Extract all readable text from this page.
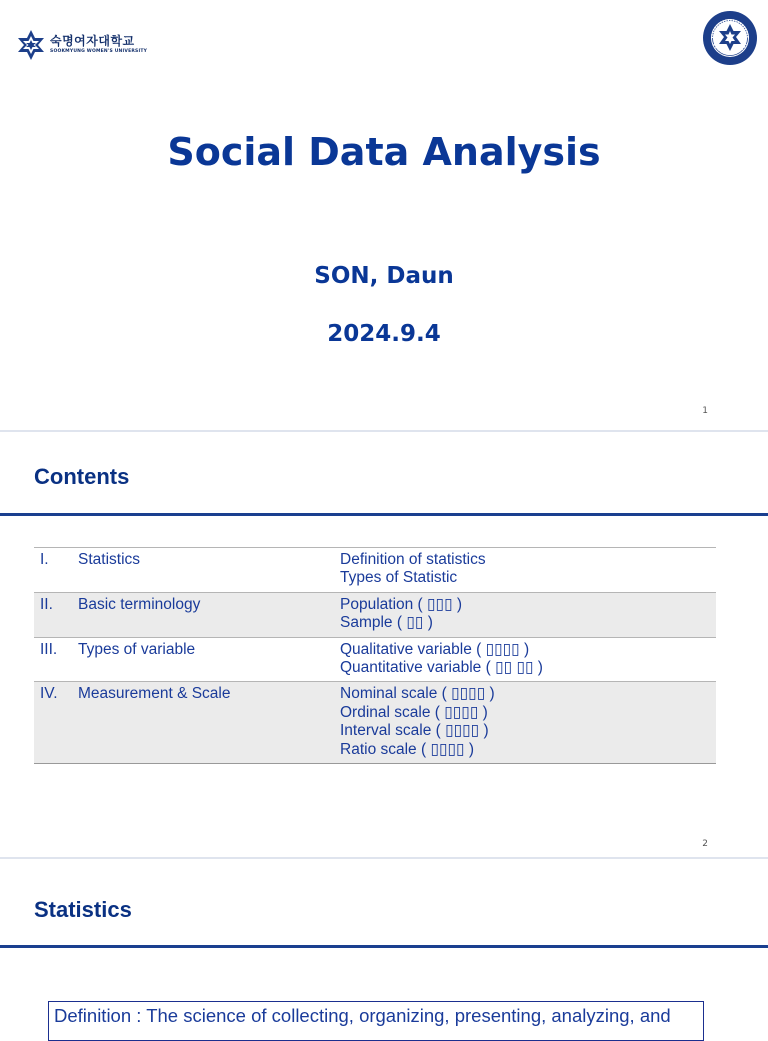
숙명여자대학교
SOOKMYUNG WOMEN'S UNIVERSITY
Social Data Analysis
SON, Daun
2024.9.4
1
Contents
I.	Statistics	Definition of statistics
Types of Statistic

II.	Basic terminology	Population ( ▯▯▯ )
Sample ( ▯▯ )

III.	Types of variable	Qualitative variable ( ▯▯▯▯ )
Quantitative variable ( ▯▯ ▯▯ )

IV.	Measurement & Scale	Nominal scale ( ▯▯▯▯ )
Ordinal scale ( ▯▯▯▯ )
Interval scale ( ▯▯▯▯ )
Ratio scale ( ▯▯▯▯ )
2
Statistics
Definition : The science of collecting, organizing, presenting, analyzing, and
